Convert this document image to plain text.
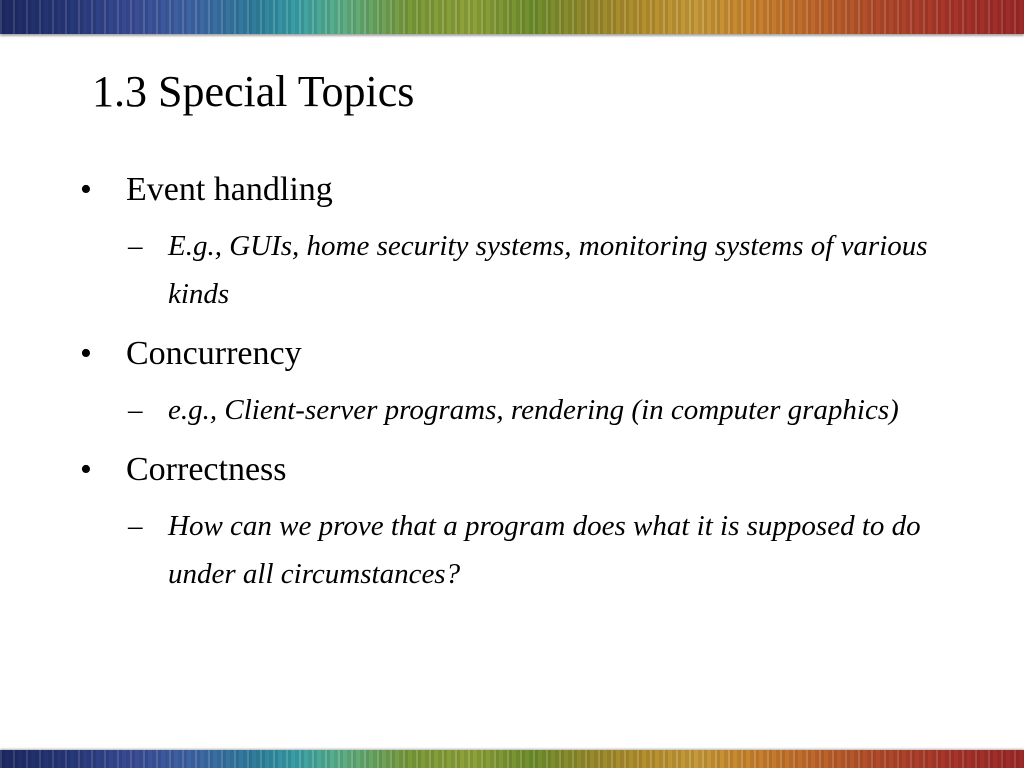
1.3 Special Topics
• Event handling
– E.g., GUIs, home security systems, monitoring systems of various kinds
• Concurrency
– e.g., Client-server programs, rendering (in computer graphics)
• Correctness
– How can we prove that a program does what it is supposed to do under all circumstances?
